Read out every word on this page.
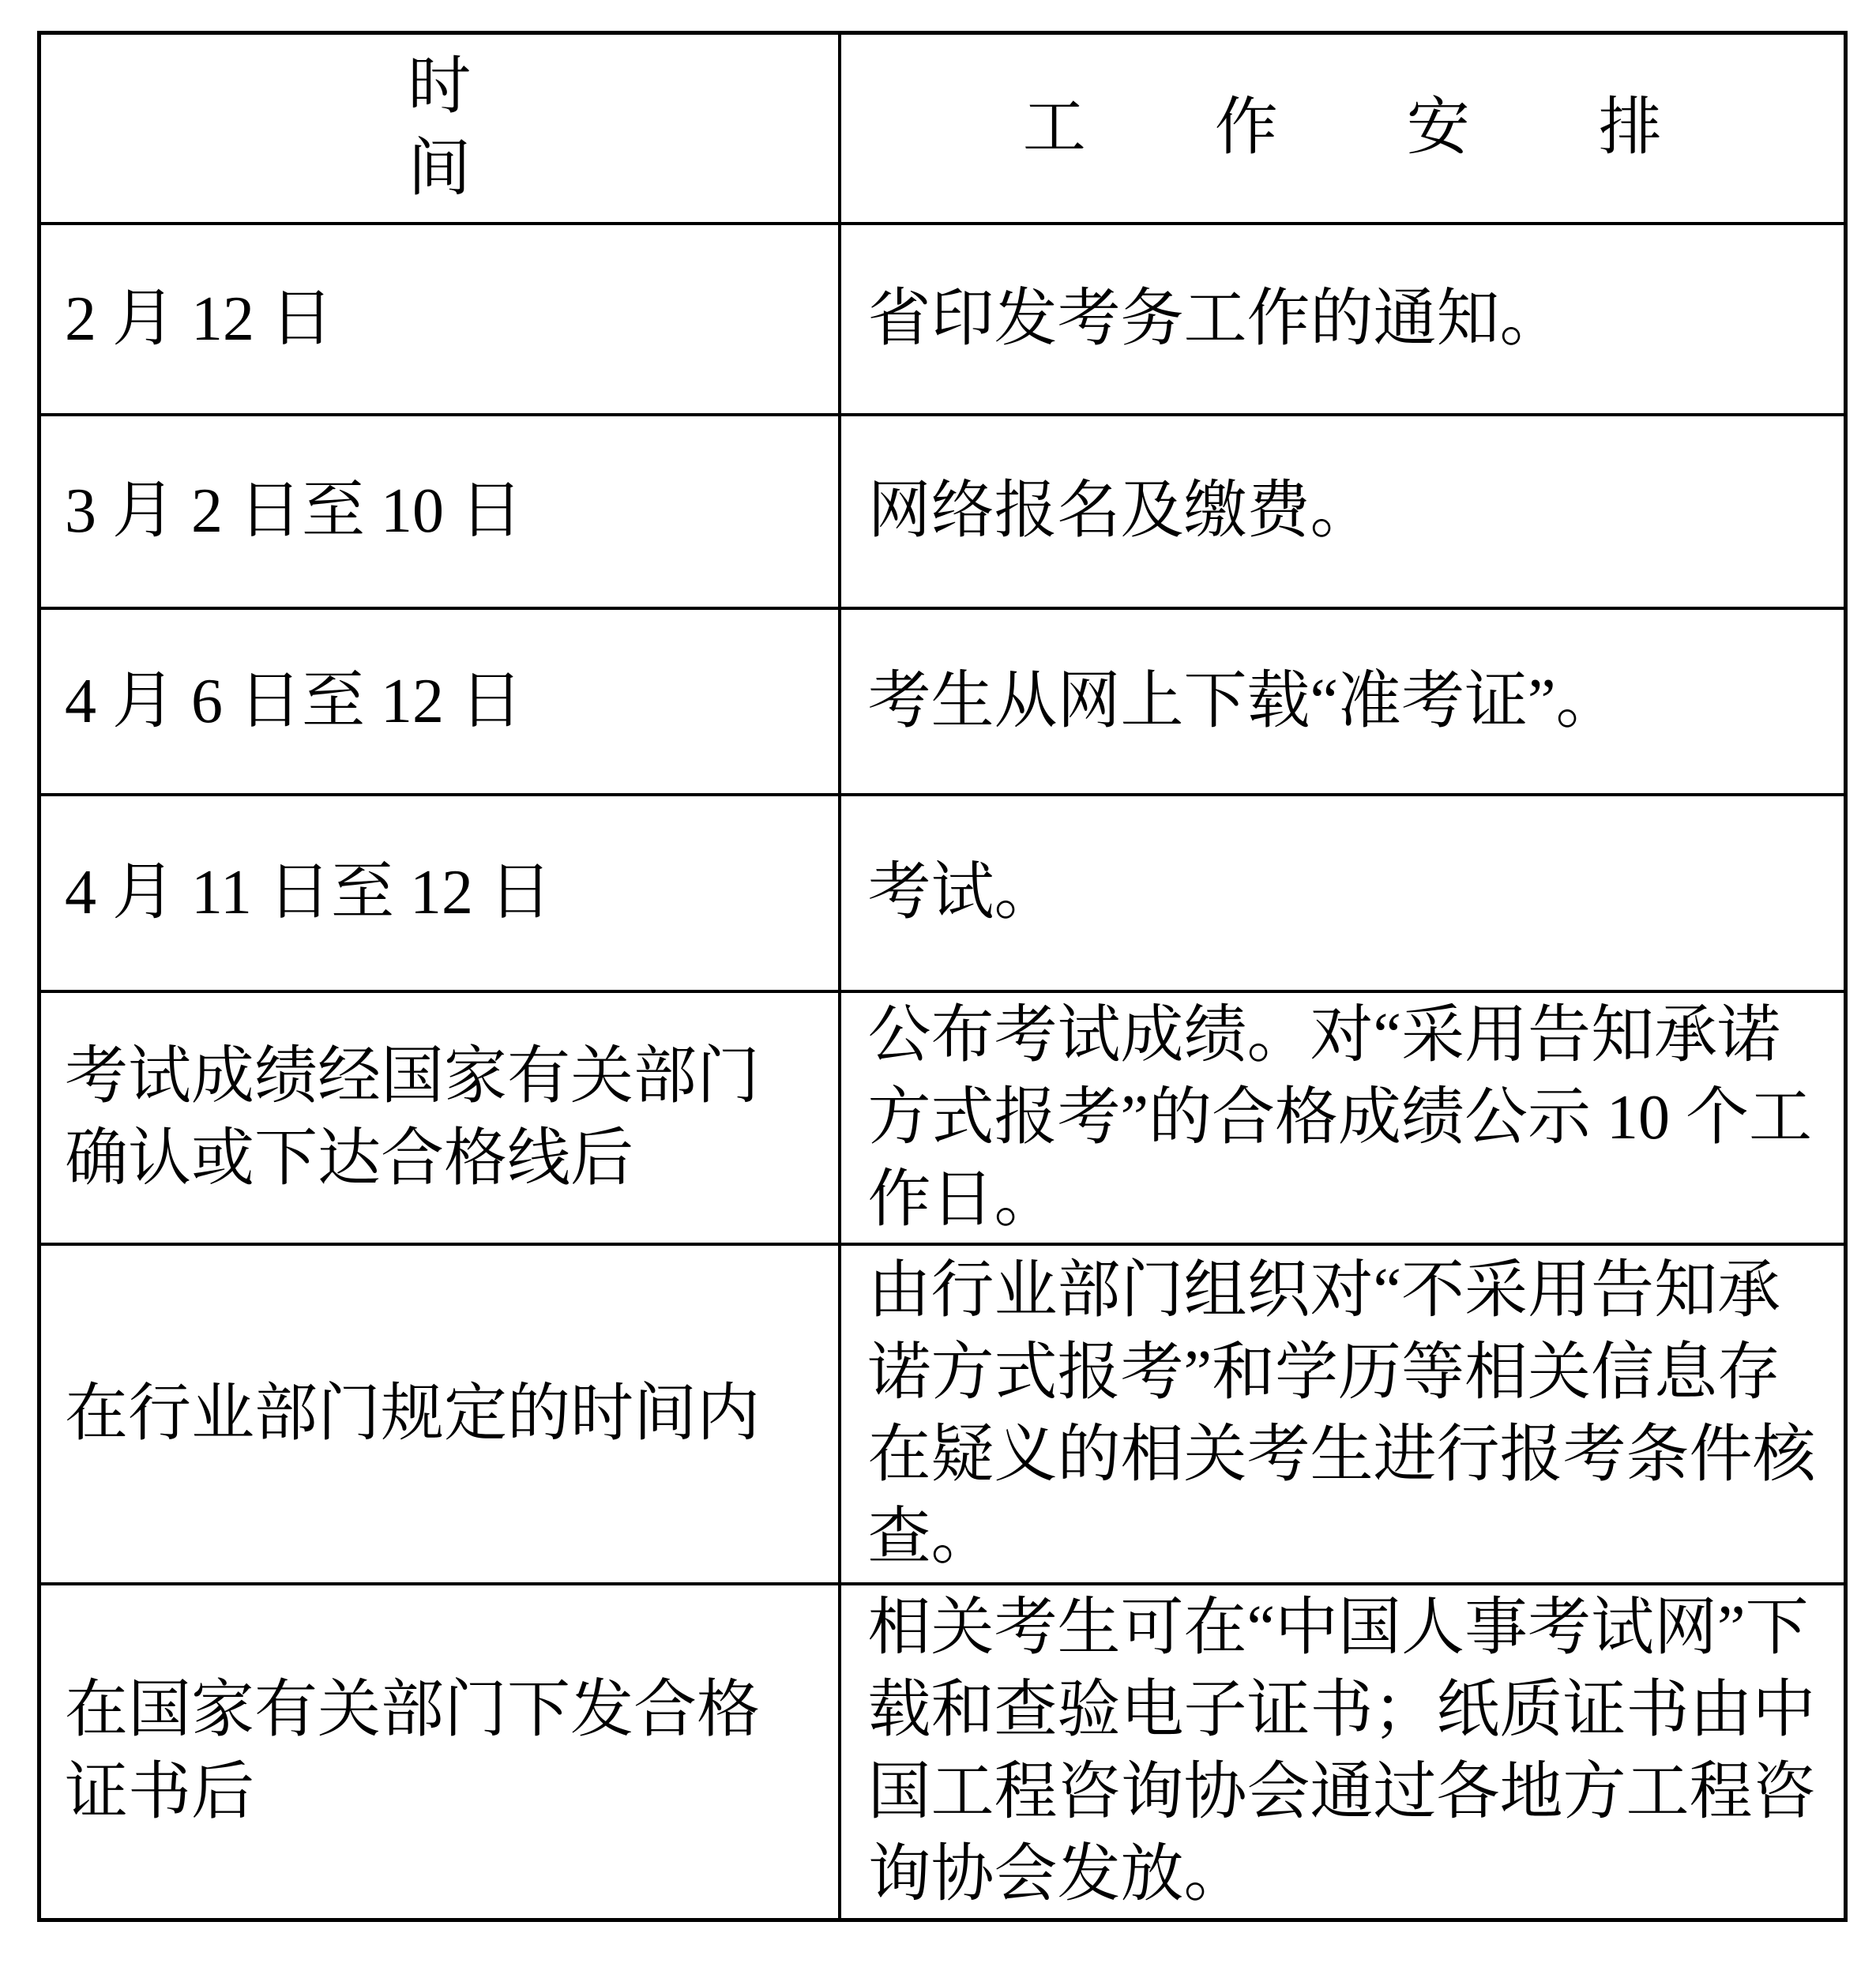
时间	工作安排
2 月 12 日	省印发考务工作的通知。
3 月 2 日至 10 日	网络报名及缴费。
4 月 6 日至 12 日	考生从网上下载“准考证”。
4 月 11 日至 12 日	考试。
考试成绩经国家有关部门确认或下达合格线后	公布考试成绩。对“采用告知承诺方式报考”的合格成绩公示 10 个工作日。
在行业部门规定的时间内	由行业部门组织对“不采用告知承诺方式报考”和学历等相关信息存在疑义的相关考生进行报考条件核查。
在国家有关部门下发合格证书后	相关考生可在“中国人事考试网”下载和查验电子证书；纸质证书由中国工程咨询协会通过各地方工程咨询协会发放。
